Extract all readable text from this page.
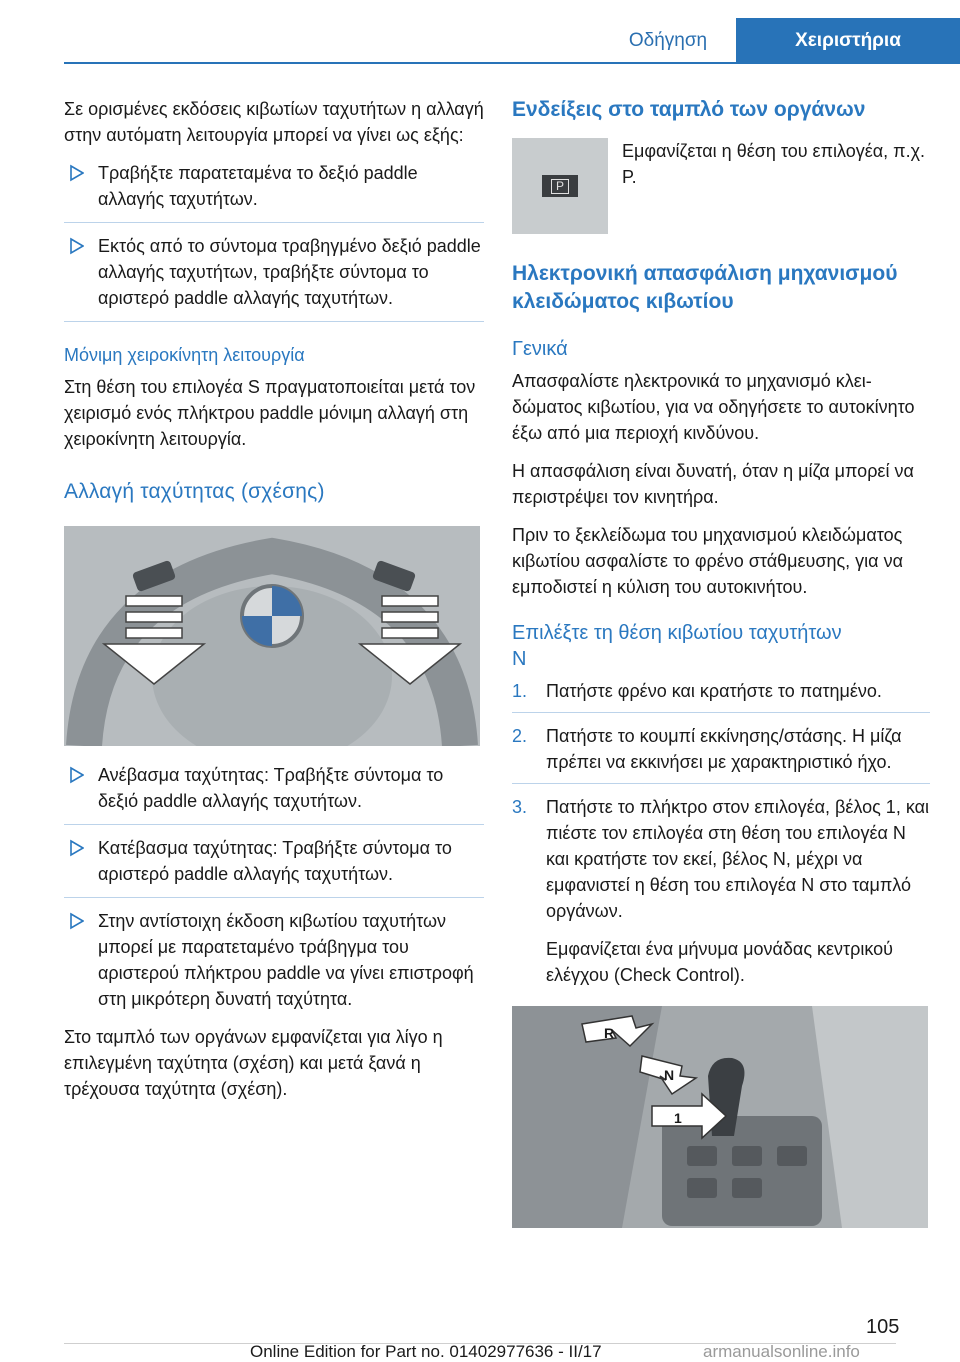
Οδήγηση	Χειριστήρια

Σε ορισμένες εκδόσεις κιβωτίων ταχυτήτων η αλλαγή στην αυτόματη λειτουργία μπορεί να γίνει ως εξής:

Τραβήξτε παρατεταμένα το δεξιό paddle αλλαγής ταχυτήτων.
Εκτός από το σύντομα τραβηγμένο δεξιό paddle αλλαγής ταχυτήτων, τραβήξτε σύντομα το αριστερό paddle αλλαγής ταχυτήτων.
Μόνιμη χειροκίνητη λειτουργία

Στη θέση του επιλογέα S πραγματοποιείται μετά τον χειρισμό ενός πλήκτρου paddle μόνιμη αλλαγή στη χειροκίνητη λειτουργία.

Αλλαγή ταχύτητας (σχέσης)
Ανέβασμα ταχύτητας: Τραβήξτε σύντομα το δεξιό paddle αλλαγής ταχυτήτων.
Κατέβασμα ταχύτητας: Τραβήξτε σύντομα το αριστερό paddle αλλαγής ταχυτήτων.
Στην αντίστοιχη έκδοση κιβωτίου ταχυτήτων μπορεί με παρατεταμένο τράβηγμα του αριστερού πλήκτρου paddle να γίνει επιστροφή στη μικρότερη δυνατή ταχύτητα.

Στο ταμπλό των οργάνων εμφανίζεται για λίγο η επιλεγμένη ταχύτητα (σχέση) και μετά ξανά η τρέχουσα ταχύτητα (σχέση).

Ενδείξεις στο ταμπλό των οργάνων
P

Εμφανίζεται η θέση του επιλογέα, π.χ. P.

Ηλεκτρονική απασφάλιση μηχανισμού κλειδώματος κιβωτίου
Γενικά

Απασφαλίστε ηλεκτρονικά το μηχανισμό κλειδώματος κιβωτίου, για να οδηγήσετε το αυτοκίνητο έξω από μια περιοχή κινδύνου.

Η απασφάλιση είναι δυνατή, όταν η μίζα μπορεί να περιστρέψει τον κινητήρα.

Πριν το ξεκλείδωμα του μηχανισμού κλειδώματος κιβωτίου ασφαλίστε το φρένο στάθμευσης, για να εμποδιστεί η κύλιση του αυτοκινήτου.

Επιλέξτε τη θέση κιβωτίου ταχυτήτων N
1. Πατήστε φρένο και κρατήστε το πατημένο.
2. Πατήστε το κουμπί εκκίνησης/στάσης. Η μίζα πρέπει να εκκινήσει με χαρακτηριστικό ήχο.
3. Πατήστε το πλήκτρο στον επιλογέα, βέλος 1, και πιέστε τον επιλογέα στη θέση του επιλογέα N και κρατήστε τον εκεί, βέλος N, μέχρι να εμφανιστεί η θέση του επιλογέα N στο ταμπλό οργάνων.
Εμφανίζεται ένα μήνυμα μονάδας κεντρικού ελέγχου (Check Control).
R
N
1
105
Online Edition for Part no. 01402977636 - II/17	armanualsonline.info
